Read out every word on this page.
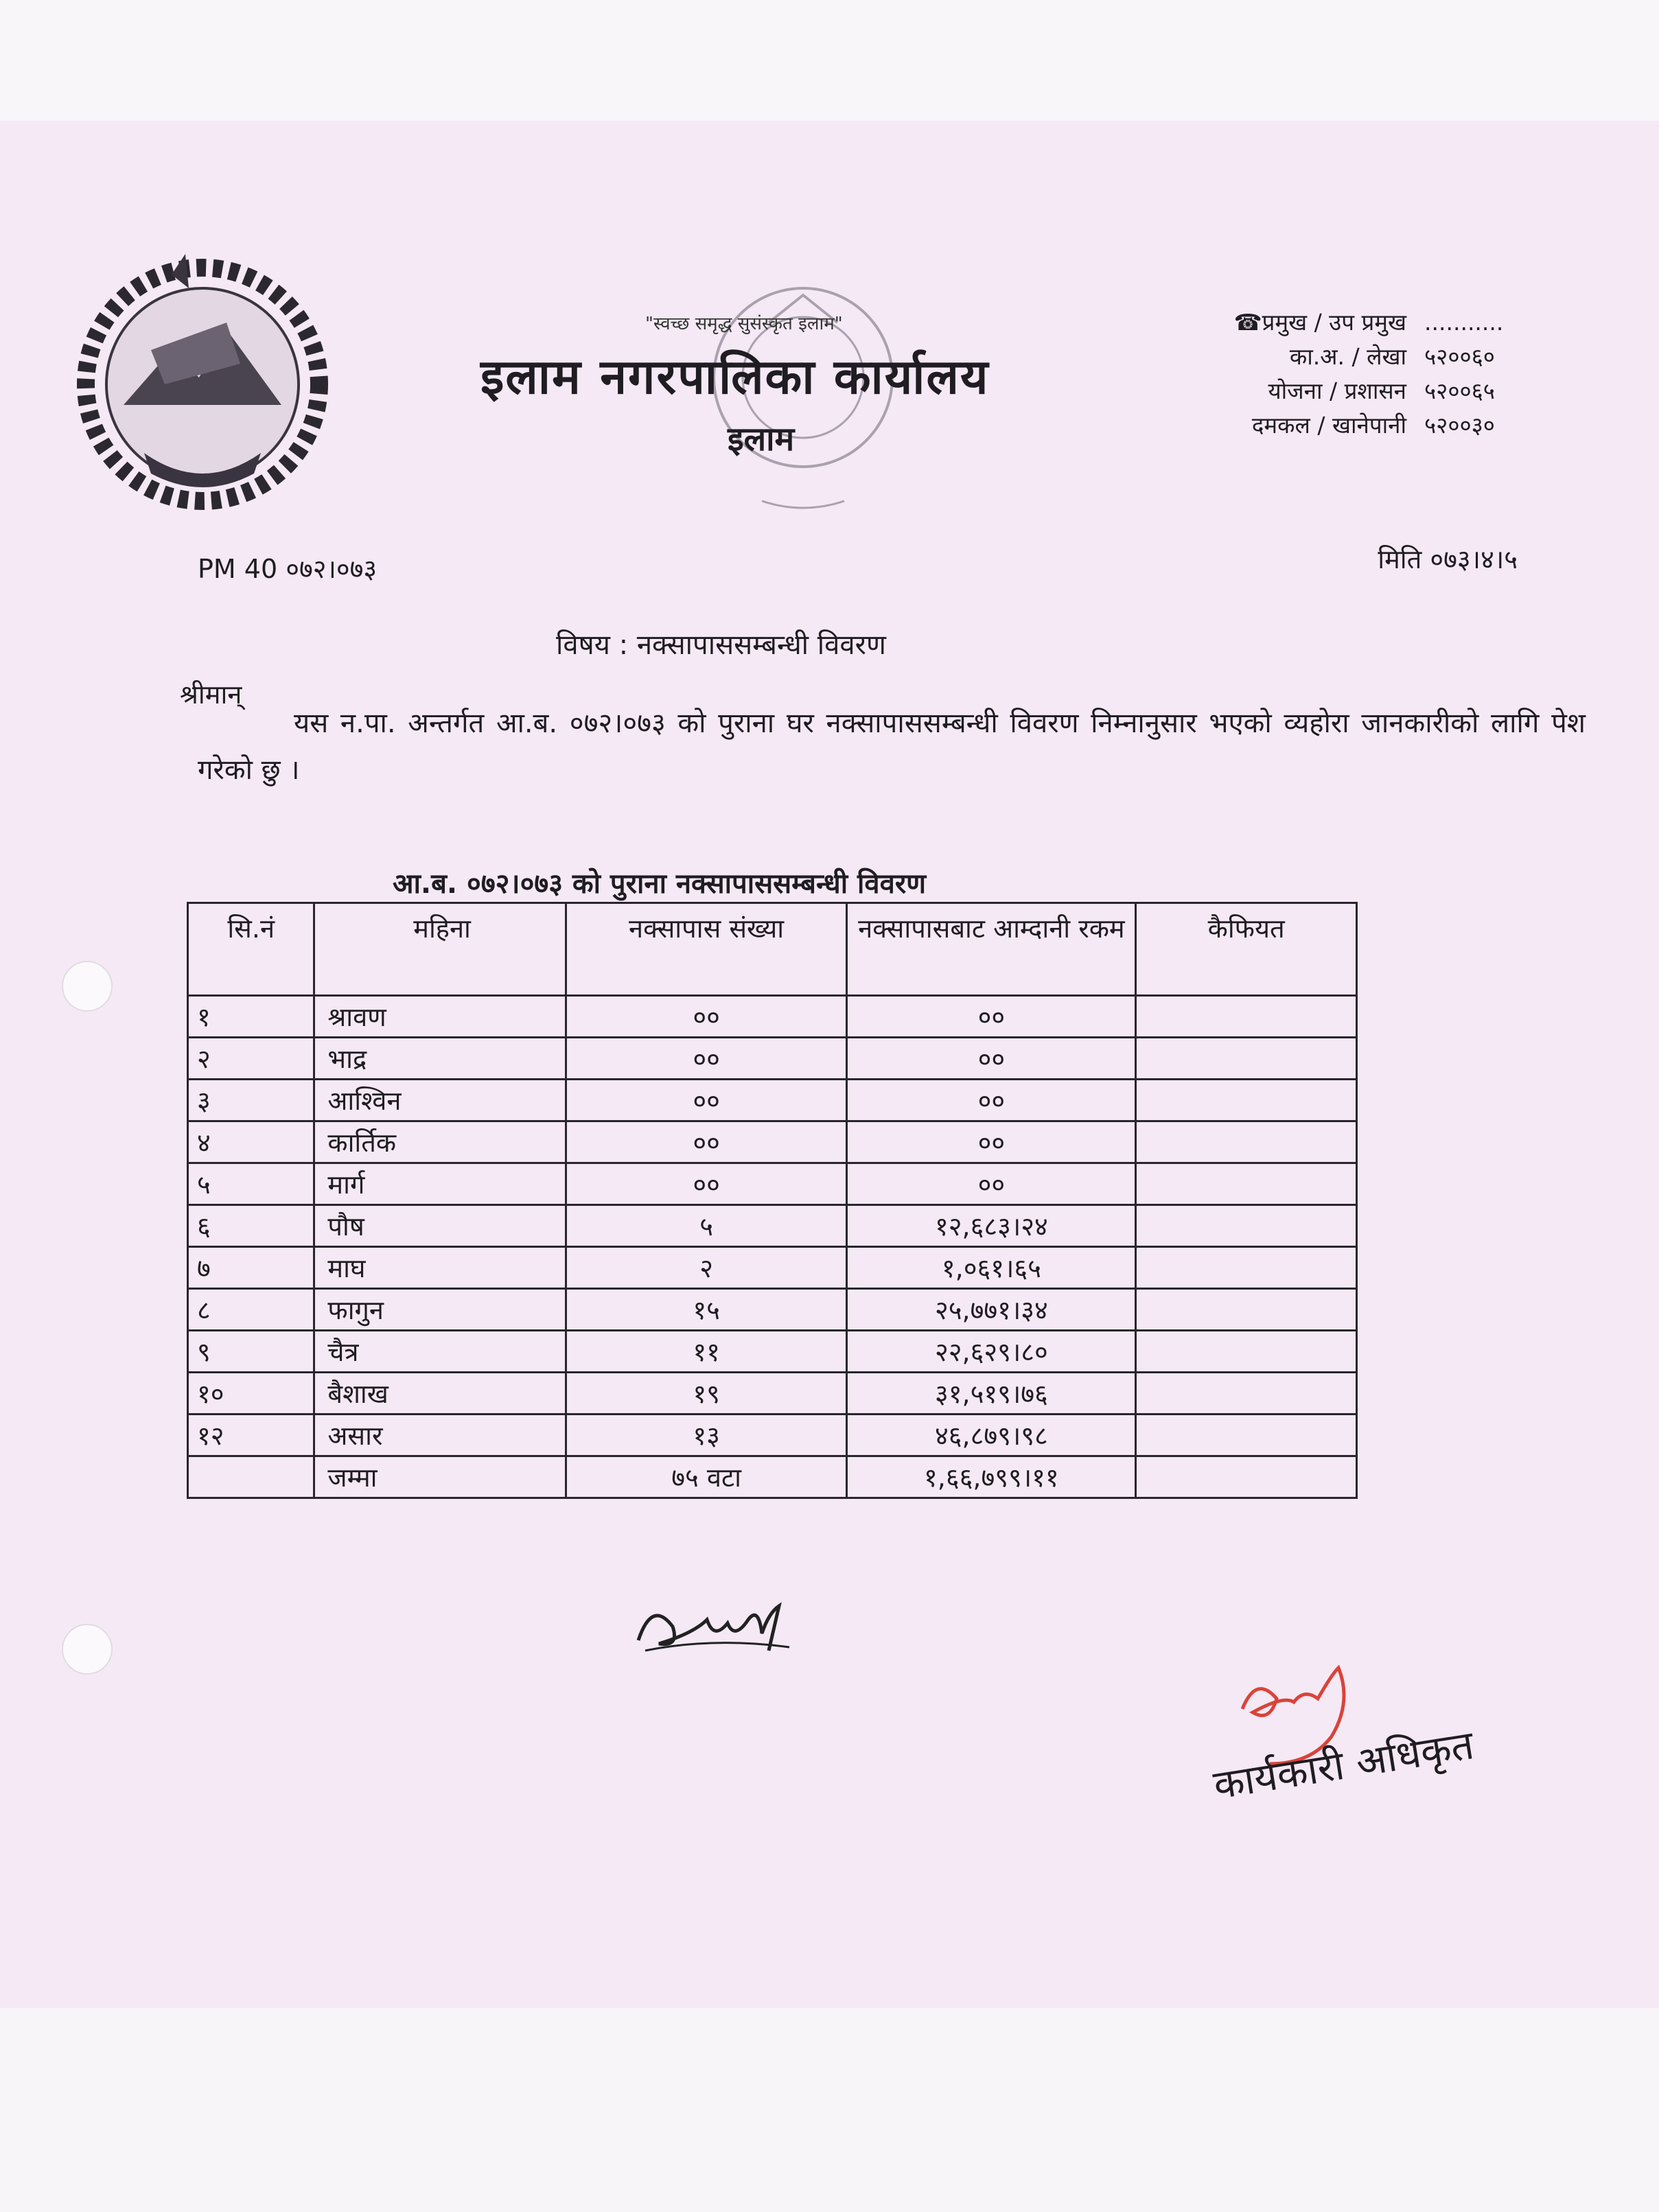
"स्वच्छ समृद्ध सुसंस्कृत इलाम"
इलाम नगरपालिका कार्यालय
इलाम
☎प्रमुख / उप प्रमुख ...........
का.अ. / लेखा ५२००६०
योजना / प्रशासन ५२००६५
दमकल / खानेपानी ५२००३०
PM 40 ०७२।०७३	मिति ०७३।४।५
विषय : नक्सापाससम्बन्धी विवरण
श्रीमान्
यस न.पा. अन्तर्गत आ.ब. ०७२।०७३ को पुराना घर नक्सापाससम्बन्धी विवरण निम्नानुसार भएको व्यहोरा जानकारीको लागि पेश गरेको छु ।
आ.ब. ०७२।०७३ को पुराना नक्सापाससम्बन्धी विवरण
सि.नं	महिना	नक्सापास संख्या	नक्सापासबाट आम्दानी रकम	कैफियत
१	श्रावण	००	००	
२	भाद्र	००	००	
३	आश्विन	००	००	
४	कार्तिक	००	००	
५	मार्ग	००	००	
६	पौष	५	१२,६८३।२४	
७	माघ	२	१,०६१।६५	
८	फागुन	१५	२५,७७१।३४	
९	चैत्र	११	२२,६२९।८०	
१०	बैशाख	१९	३१,५१९।७६	
१२	असार	१३	४६,८७९।९८	
	जम्मा	७५ वटा	१,६६,७९९।११	
कार्यकारी अधिकृत
